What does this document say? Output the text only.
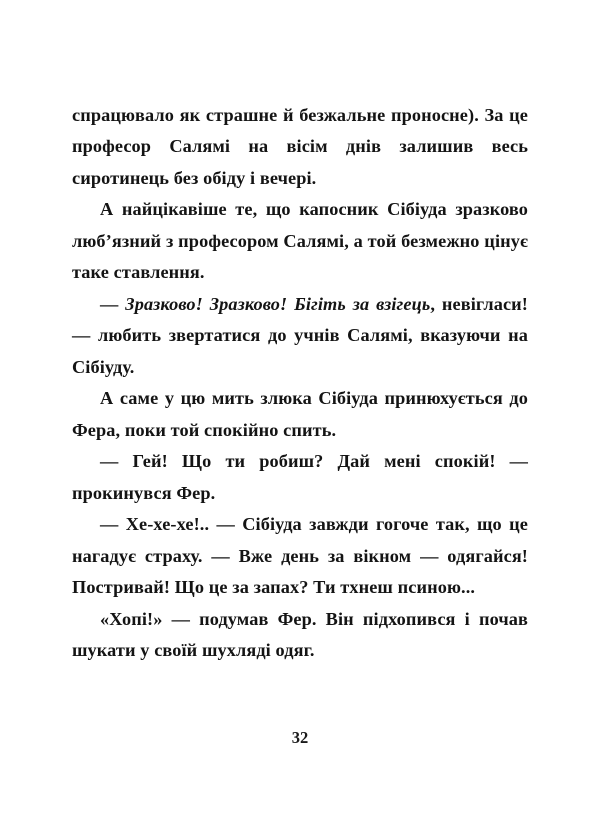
спрацювало як страшне й безжальне проносне). За це професор Салямі на вісім днів залишив весь сиротинець без обіду і вечері.

А найцікавіше те, що капосник Сібіуда зразково люб’язний з професором Салямі, а той безмежно цінує таке ставлення.

— Зразково! Зразково! Бігіть за взігець, невігласи! — любить звертатися до учнів Салямі, вказуючи на Сібіуду.

А саме у цю мить злюка Сібіуда принюхується до Фера, поки той спокійно спить.

— Гей! Що ти робиш? Дай мені спокій! — прокинувся Фер.

— Хе-хе-хе!.. — Сібіуда завжди гогоче так, що це нагадує страху. — Вже день за вікном — одягайся! Постривай! Що це за запах? Ти тхнеш псиною...

«Хопі!» — подумав Фер. Він підхопився і почав шукати у своїй шухляді одяг.

32
